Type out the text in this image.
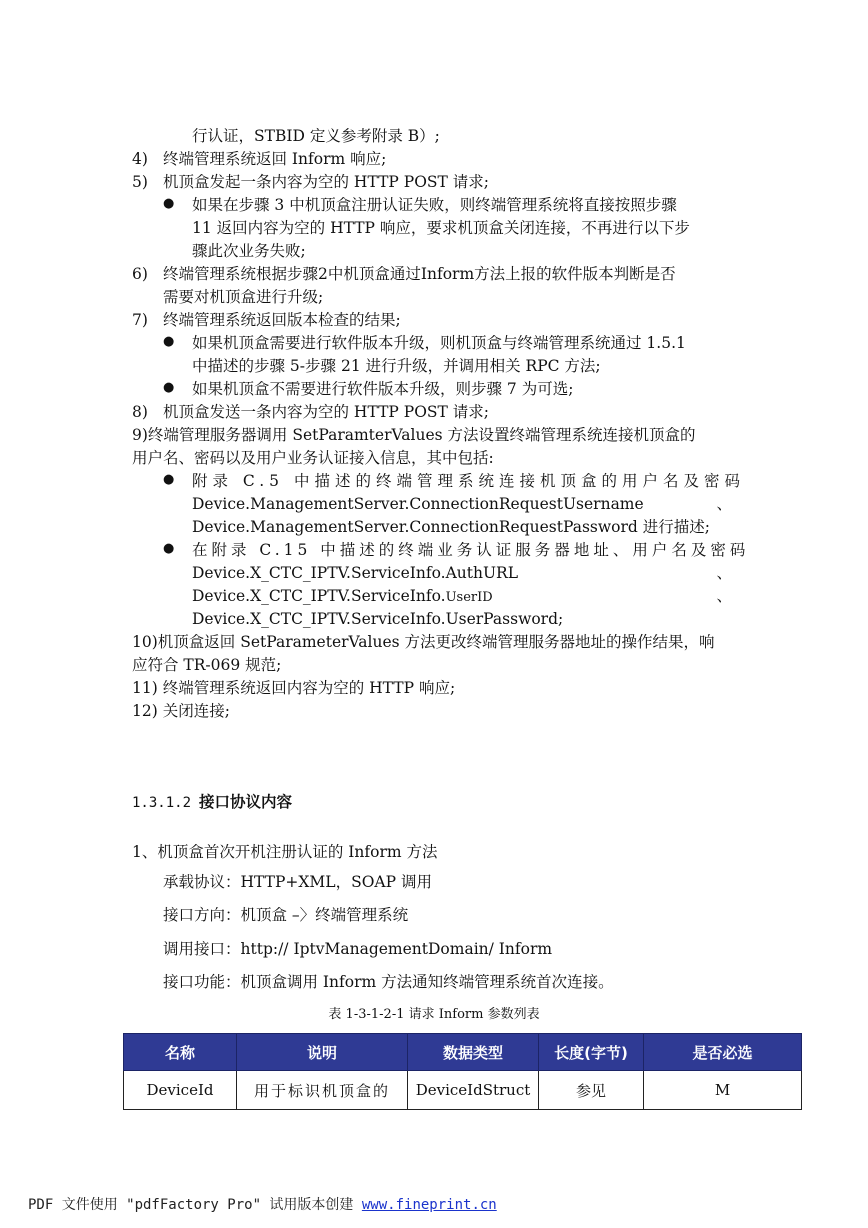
行认证，STBID 定义参考附录 B）;
4) 终端管理系统返回 Inform 响应;
5) 机顶盒发起一条内容为空的 HTTP POST 请求;
● 如果在步骤 3 中机顶盒注册认证失败，则终端管理系统将直接按照步骤
11 返回内容为空的 HTTP 响应，要求机顶盒关闭连接，不再进行以下步
骤此次业务失败;
6) 终端管理系统根据步骤2中机顶盒通过Inform方法上报的软件版本判断是否
需要对机顶盒进行升级;
7) 终端管理系统返回版本检查的结果;
● 如果机顶盒需要进行软件版本升级，则机顶盒与终端管理系统通过 1.5.1
中描述的步骤 5-步骤 21 进行升级，并调用相关 RPC 方法;
● 如果机顶盒不需要进行软件版本升级，则步骤 7 为可选;
8) 机顶盒发送一条内容为空的 HTTP POST 请求;
9)终端管理服务器调用 SetParamterValues 方法设置终端管理系统连接机顶盒的
用户名、密码以及用户业务认证接入信息，其中包括:
● 附录 C.5 中描述的终端管理系统连接机顶盒的用户名及密码
Device.ManagementServer.ConnectionRequestUsername	、
Device.ManagementServer.ConnectionRequestPassword 进行描述;
● 在附录 C.15 中描述的终端业务认证服务器地址、用户名及密码
Device.X_CTC_IPTV.ServiceInfo.AuthURL	、
Device.X_CTC_IPTV.ServiceInfo.UserID	、
Device.X_CTC_IPTV.ServiceInfo.UserPassword;
10)机顶盒返回 SetParameterValues 方法更改终端管理服务器地址的操作结果，响
应符合 TR-069 规范;
11) 终端管理系统返回内容为空的 HTTP 响应;
12) 关闭连接;
1.3.1.2 接口协议内容
1、机顶盒首次开机注册认证的 Inform 方法
承载协议：HTTP+XML，SOAP 调用
接口方向：机顶盒 –〉终端管理系统
调用接口：http:// IptvManagementDomain/ Inform
接口功能：机顶盒调用 Inform 方法通知终端管理系统首次连接。
表 1-3-1-2-1 请求 Inform 参数列表
名称	说明	数据类型	长度(字节)	是否必选
DeviceId	用于标识机顶盒的	DeviceIdStruct	参见	M
PDF 文件使用 "pdfFactory Pro" 试用版本创建 www.fineprint.cn
